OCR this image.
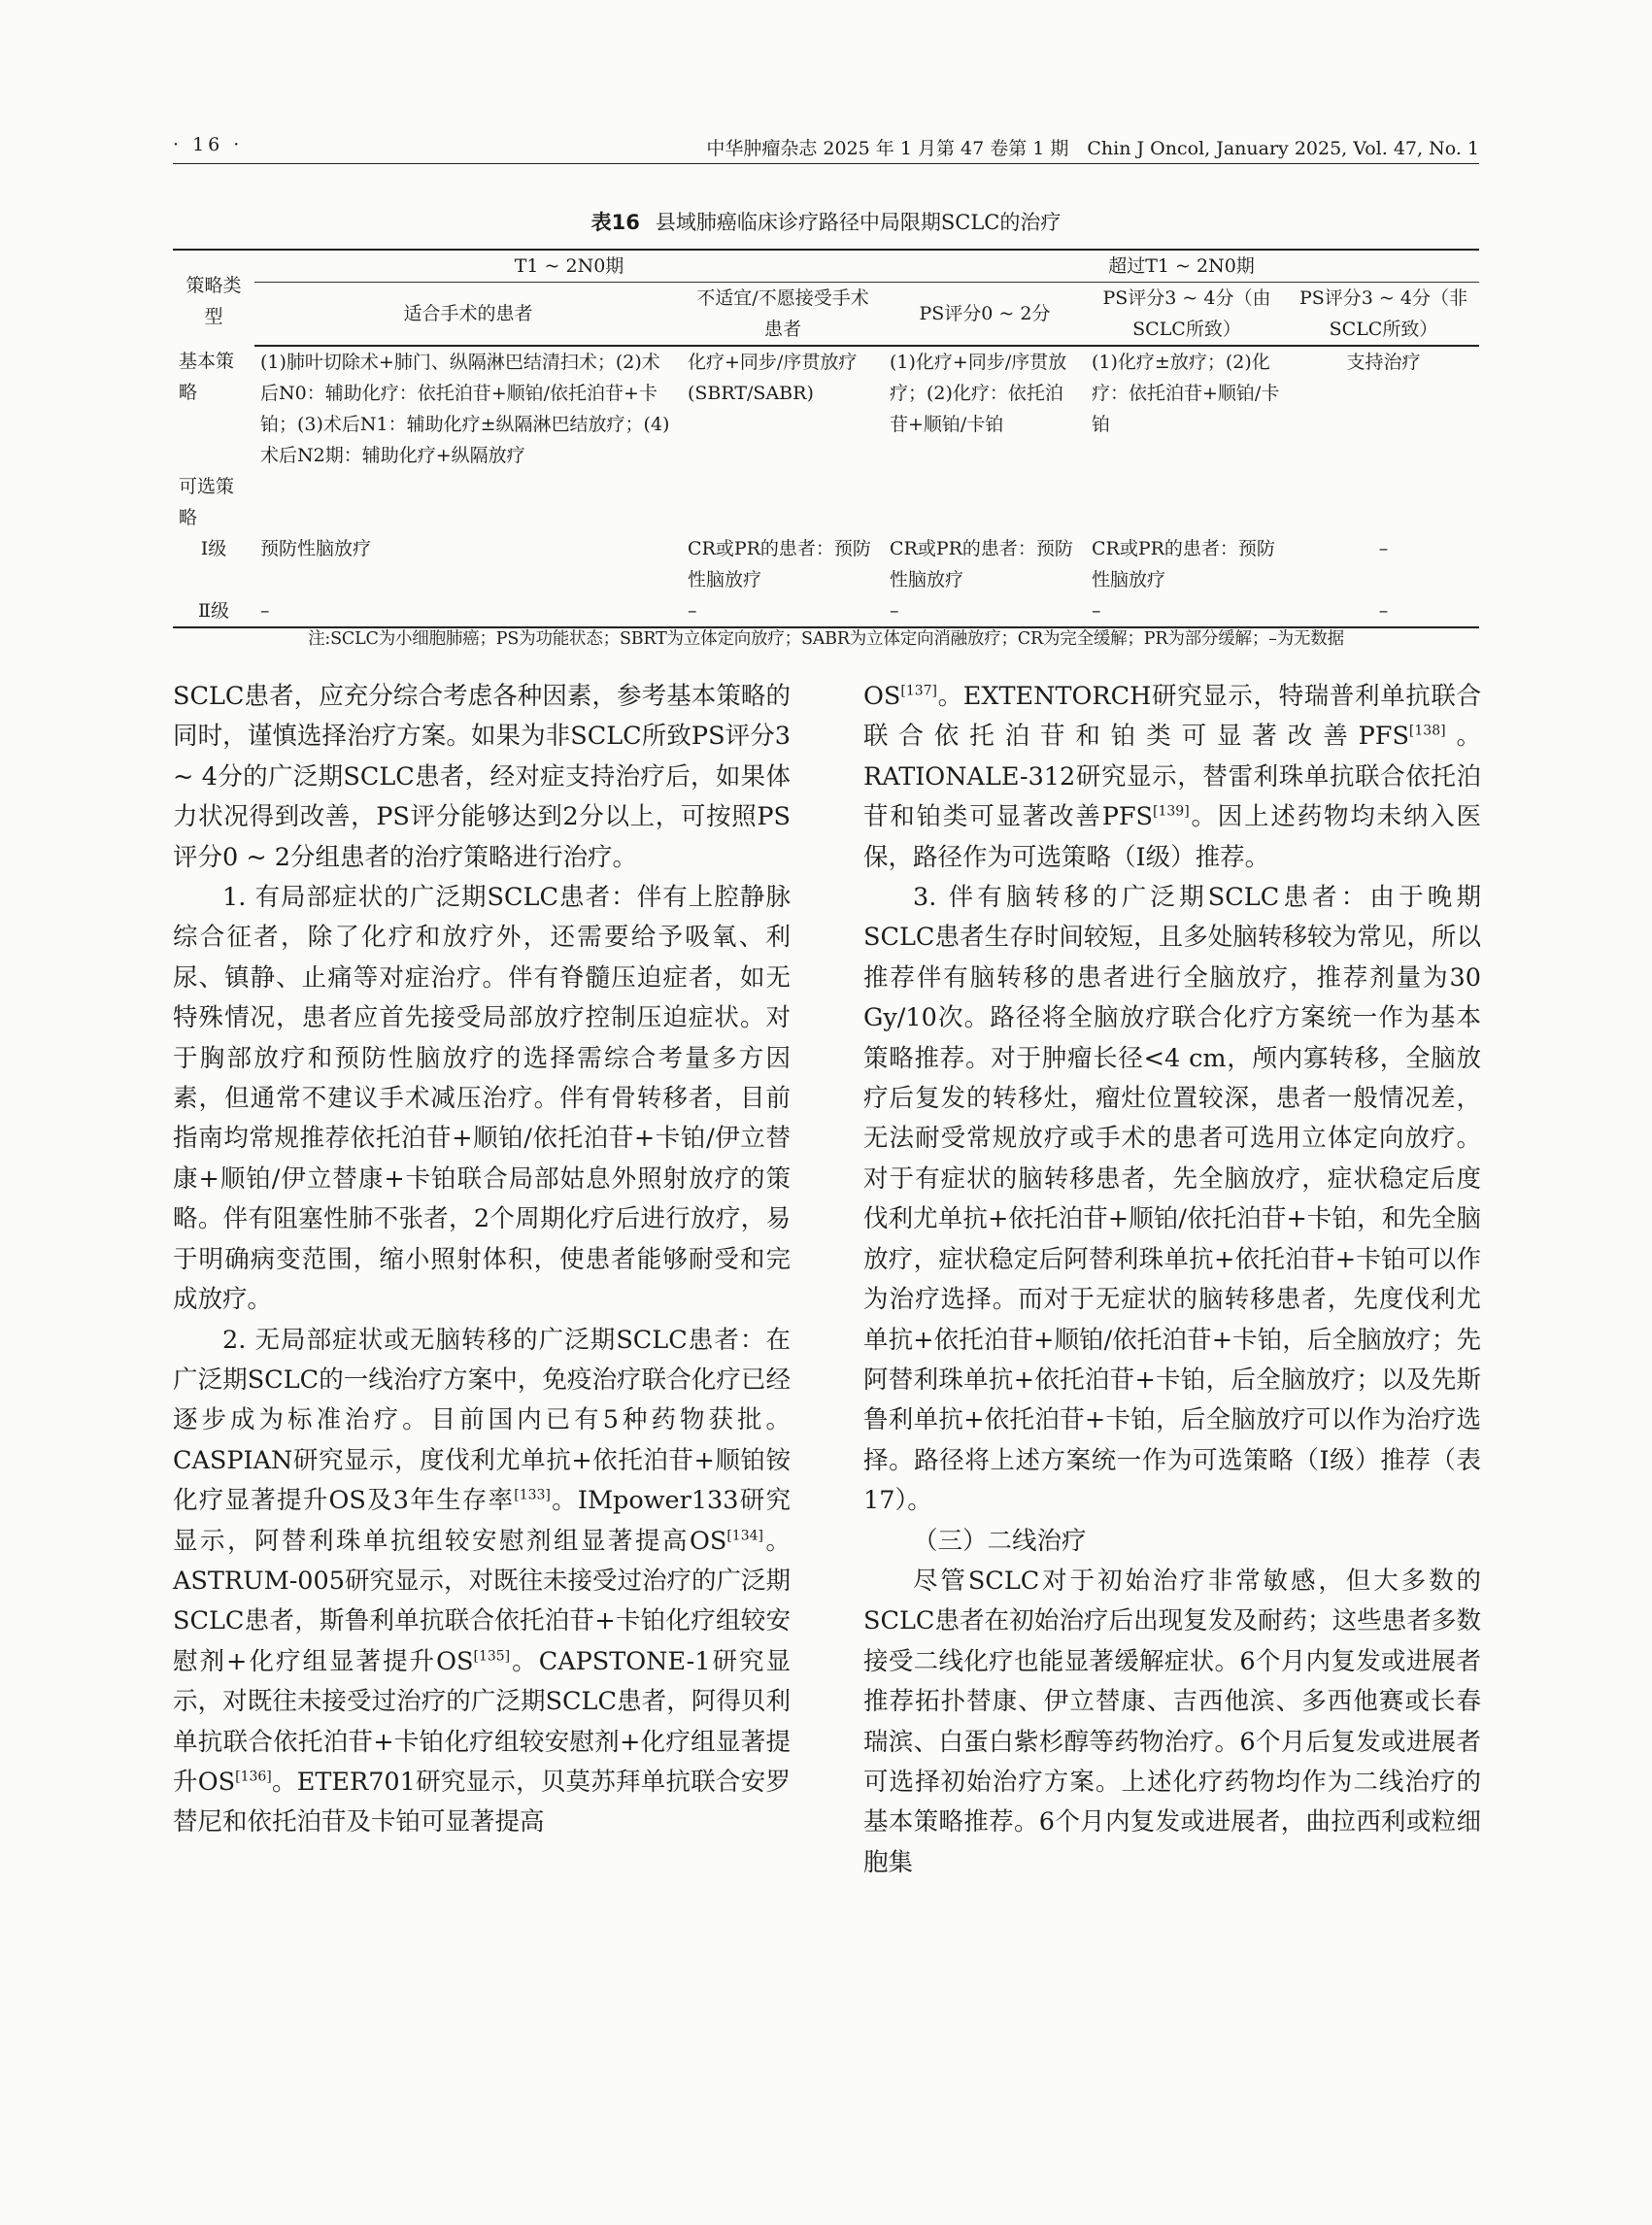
· 16 ·	中华肿瘤杂志 2025 年 1 月第 47 卷第 1 期　Chin J Oncol, January 2025, Vol. 47, No. 1
表16 县域肺癌临床诊疗路径中局限期SCLC的治疗
策略类型	T1 ~ 2N0期		超过T1 ~ 2N0期		
	适合手术的患者	不适宜/不愿接受手术患者	PS评分0 ~ 2分	PS评分3 ~ 4分（由SCLC所致）	PS评分3 ~ 4分（非SCLC所致）
基本策略	(1)肺叶切除术+肺门、纵隔淋巴结清扫术；(2)术后N0：辅助化疗：依托泊苷+顺铂/依托泊苷+卡铂；(3)术后N1：辅助化疗±纵隔淋巴结放疗；(4)术后N2期：辅助化疗+纵隔放疗	化疗+同步/序贯放疗(SBRT/SABR)	(1)化疗+同步/序贯放疗；(2)化疗：依托泊苷+顺铂/卡铂	(1)化疗±放疗；(2)化疗：依托泊苷+顺铂/卡铂	支持治疗
可选策略					
Ⅰ级	预防性脑放疗	CR或PR的患者：预防性脑放疗	CR或PR的患者：预防性脑放疗	CR或PR的患者：预防性脑放疗	–
Ⅱ级	–	–	–	–	–
注:SCLC为小细胞肺癌；PS为功能状态；SBRT为立体定向放疗；SABR为立体定向消融放疗；CR为完全缓解；PR为部分缓解；–为无数据

SCLC患者，应充分综合考虑各种因素，参考基本策略的同时，谨慎选择治疗方案。如果为非SCLC所致PS评分3 ~ 4分的广泛期SCLC患者，经对症支持治疗后，如果体力状况得到改善，PS评分能够达到2分以上，可按照PS评分0 ~ 2分组患者的治疗策略进行治疗。

1. 有局部症状的广泛期SCLC患者：伴有上腔静脉综合征者，除了化疗和放疗外，还需要给予吸氧、利尿、镇静、止痛等对症治疗。伴有脊髓压迫症者，如无特殊情况，患者应首先接受局部放疗控制压迫症状。对于胸部放疗和预防性脑放疗的选择需综合考量多方因素，但通常不建议手术减压治疗。伴有骨转移者，目前指南均常规推荐依托泊苷+顺铂/依托泊苷+卡铂/伊立替康+顺铂/伊立替康+卡铂联合局部姑息外照射放疗的策略。伴有阻塞性肺不张者，2个周期化疗后进行放疗，易于明确病变范围，缩小照射体积，使患者能够耐受和完成放疗。

2. 无局部症状或无脑转移的广泛期SCLC患者：在广泛期SCLC的一线治疗方案中，免疫治疗联合化疗已经逐步成为标准治疗。目前国内已有5种药物获批。CASPIAN研究显示，度伐利尤单抗+依托泊苷+顺铂铵化疗显著提升OS及3年生存率[133]。IMpower133研究显示，阿替利珠单抗组较安慰剂组显著提高OS[134]。ASTRUM-005研究显示，对既往未接受过治疗的广泛期SCLC患者，斯鲁利单抗联合依托泊苷+卡铂化疗组较安慰剂+化疗组显著提升OS[135]。CAPSTONE-1研究显示，对既往未接受过治疗的广泛期SCLC患者，阿得贝利单抗联合依托泊苷+卡铂化疗组较安慰剂+化疗组显著提升OS[136]。ETER701研究显示，贝莫苏拜单抗联合安罗替尼和依托泊苷及卡铂可显著提高

OS[137]。EXTENTORCH研究显示，特瑞普利单抗联合联合依托泊苷和铂类可显著改善PFS[138]。RATIONALE-312研究显示，替雷利珠单抗联合依托泊苷和铂类可显著改善PFS[139]。因上述药物均未纳入医保，路径作为可选策略（Ⅰ级）推荐。

3. 伴有脑转移的广泛期SCLC患者：由于晚期SCLC患者生存时间较短，且多处脑转移较为常见，所以推荐伴有脑转移的患者进行全脑放疗，推荐剂量为30 Gy/10次。路径将全脑放疗联合化疗方案统一作为基本策略推荐。对于肿瘤长径<4 cm，颅内寡转移，全脑放疗后复发的转移灶，瘤灶位置较深，患者一般情况差，无法耐受常规放疗或手术的患者可选用立体定向放疗。对于有症状的脑转移患者，先全脑放疗，症状稳定后度伐利尤单抗+依托泊苷+顺铂/依托泊苷+卡铂，和先全脑放疗，症状稳定后阿替利珠单抗+依托泊苷+卡铂可以作为治疗选择。而对于无症状的脑转移患者，先度伐利尤单抗+依托泊苷+顺铂/依托泊苷+卡铂，后全脑放疗；先阿替利珠单抗+依托泊苷+卡铂，后全脑放疗；以及先斯鲁利单抗+依托泊苷+卡铂，后全脑放疗可以作为治疗选择。路径将上述方案统一作为可选策略（Ⅰ级）推荐（表17）。

（三）二线治疗

尽管SCLC对于初始治疗非常敏感，但大多数的SCLC患者在初始治疗后出现复发及耐药；这些患者多数接受二线化疗也能显著缓解症状。6个月内复发或进展者推荐拓扑替康、伊立替康、吉西他滨、多西他赛或长春瑞滨、白蛋白紫杉醇等药物治疗。6个月后复发或进展者可选择初始治疗方案。上述化疗药物均作为二线治疗的基本策略推荐。6个月内复发或进展者，曲拉西利或粒细胞集
